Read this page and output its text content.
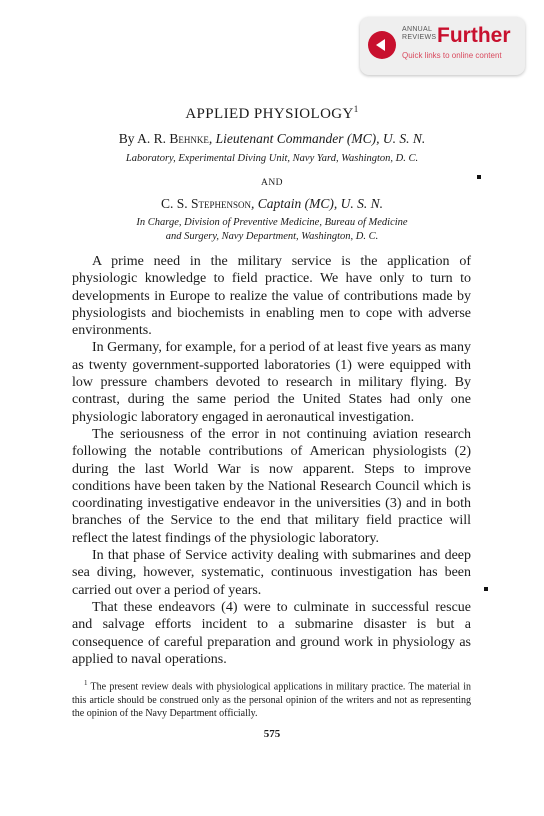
ANNUAL
REVIEWS Further
Quick links to online content
APPLIED PHYSIOLOGY$^1$
By A. R. Behnke, Lieutenant Commander (MC), U. S. N.
Laboratory, Experimental Diving Unit, Navy Yard, Washington, D. C.
AND
C. S. Stephenson, Captain (MC), U. S. N.
In Charge, Division of Preventive Medicine, Bureau of Medicine
and Surgery, Navy Department, Washington, D. C.

A prime need in the military service is the application of physiologic knowledge to field practice. We have only to turn to developments in Europe to realize the value of contributions made by physiologists and biochemists in enabling men to cope with adverse environments.

In Germany, for example, for a period of at least five years as many as twenty government-supported laboratories (1) were equipped with low pressure chambers devoted to research in military flying. By contrast, during the same period the United States had only one physiologic laboratory engaged in aeronautical investigation.

The seriousness of the error in not continuing aviation research following the notable contributions of American physiologists (2) during the last World War is now apparent. Steps to improve conditions have been taken by the National Research Council which is coordinating investigative endeavor in the universities (3) and in both branches of the Service to the end that military field practice will reflect the latest findings of the physiologic laboratory.

In that phase of Service activity dealing with submarines and deep sea diving, however, systematic, continuous investigation has been carried out over a period of years.

That these endeavors (4) were to culminate in successful rescue and salvage efforts incident to a submarine disaster is but a consequence of careful preparation and ground work in physiology as applied to naval operations.

$^1$ The present review deals with physiological applications in military practice. The material in this article should be construed only as the personal opinion of the writers and not as representing the opinion of the Navy Department officially.

575
